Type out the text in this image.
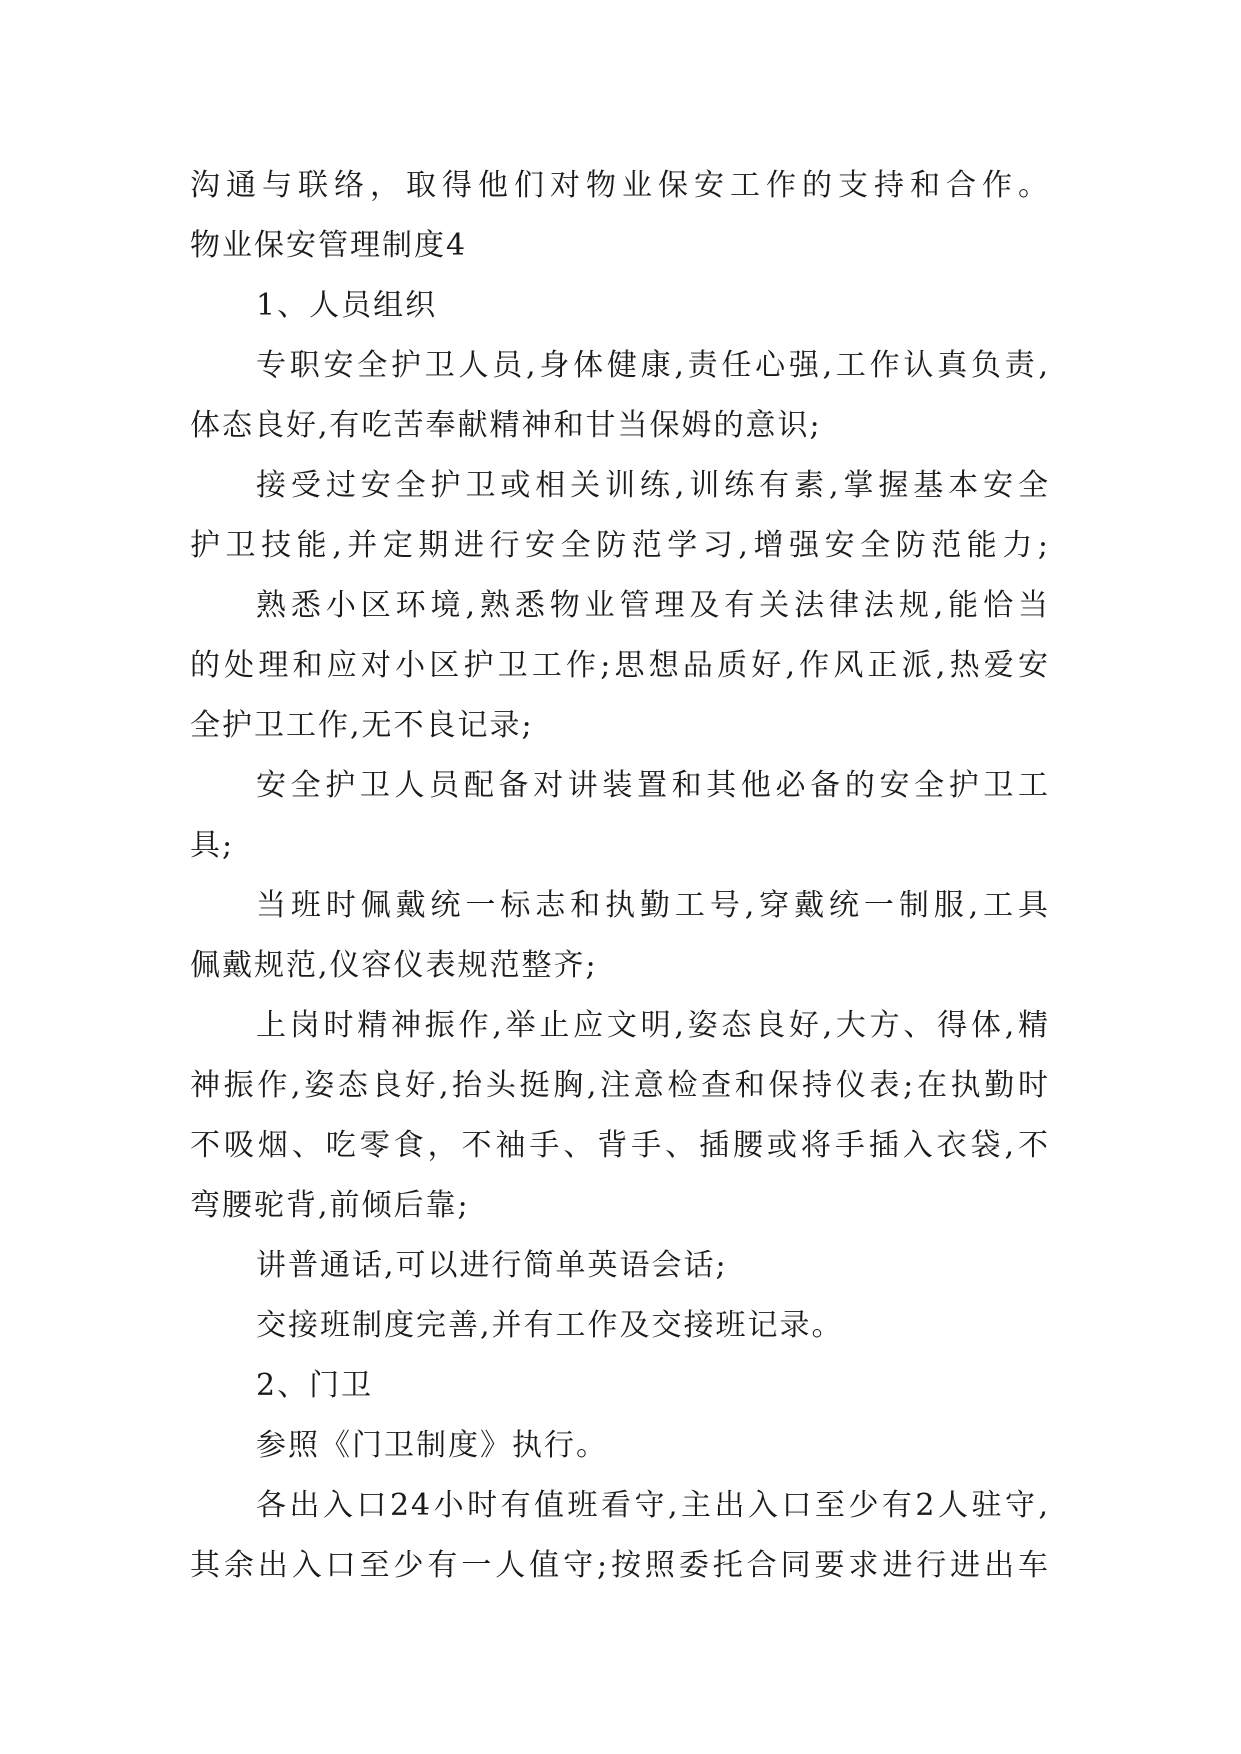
沟通与联络，取得他们对物业保安工作的支持和合作。
物业保安管理制度4
1、人员组织
专职安全护卫人员,身体健康,责任心强,工作认真负责,
体态良好,有吃苦奉献精神和甘当保姆的意识;
接受过安全护卫或相关训练,训练有素,掌握基本安全
护卫技能,并定期进行安全防范学习,增强安全防范能力;
熟悉小区环境,熟悉物业管理及有关法律法规,能恰当
的处理和应对小区护卫工作;思想品质好,作风正派,热爱安
全护卫工作,无不良记录;
安全护卫人员配备对讲装置和其他必备的安全护卫工
具;
当班时佩戴统一标志和执勤工号,穿戴统一制服,工具
佩戴规范,仪容仪表规范整齐;
上岗时精神振作,举止应文明,姿态良好,大方、得体,精
神振作,姿态良好,抬头挺胸,注意检查和保持仪表;在执勤时
不吸烟、吃零食，不袖手、背手、插腰或将手插入衣袋,不
弯腰驼背,前倾后靠;
讲普通话,可以进行简单英语会话;
交接班制度完善,并有工作及交接班记录。
2、门卫
参照《门卫制度》执行。
各出入口24小时有值班看守,主出入口至少有2人驻守,
其余出入口至少有一人值守;按照委托合同要求进行进出车
